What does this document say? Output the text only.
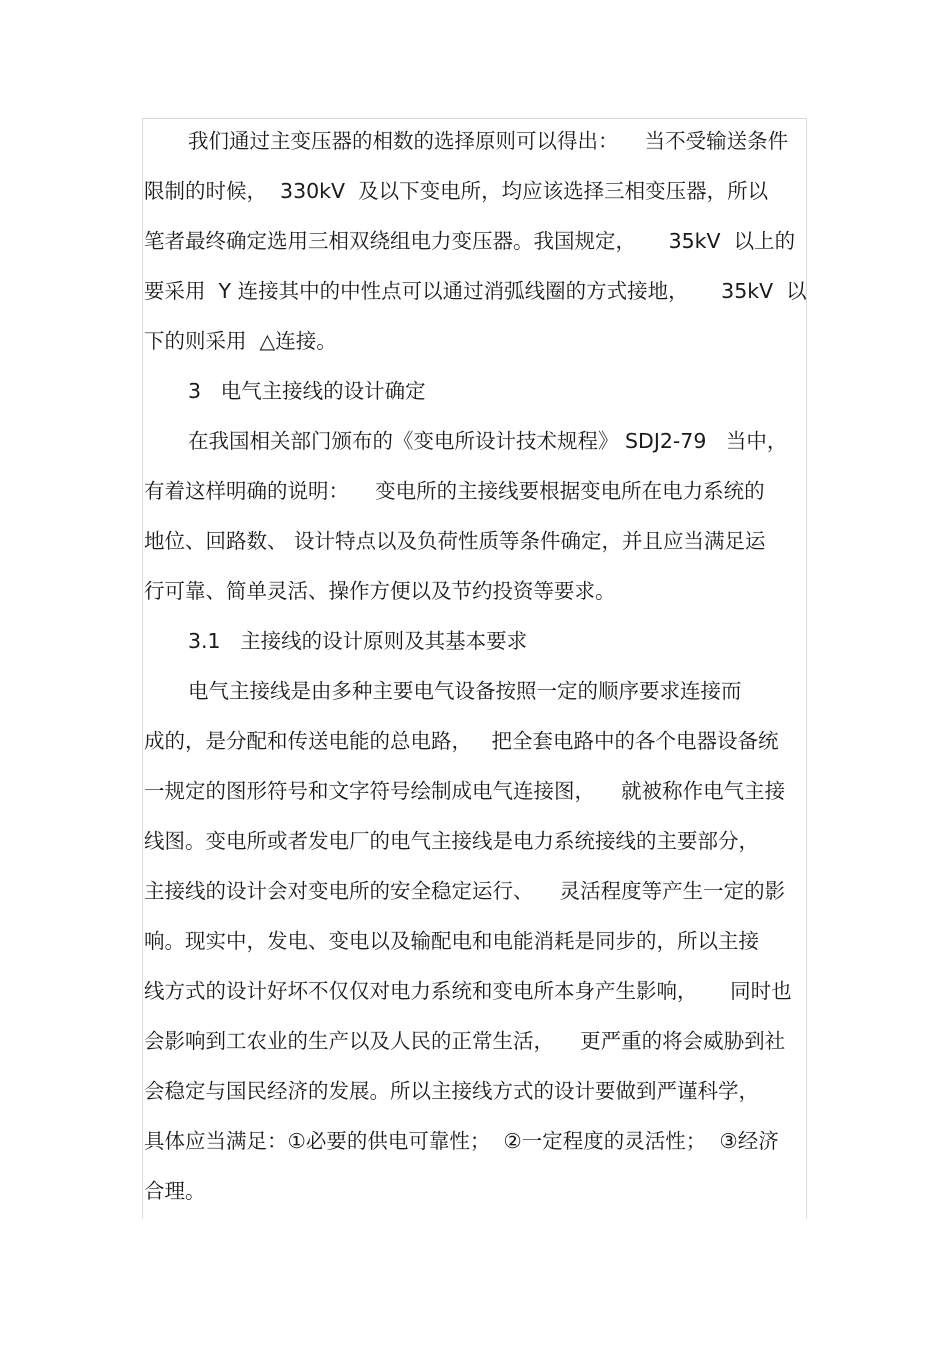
我们通过主变压器的相数的选择原则可以得出：    当不受输送条件
限制的时候，  330kV  及以下变电所，均应该选择三相变压器，所以
笔者最终确定选用三相双绕组电力变压器。我国规定，     35kV  以上的
要采用  Y 连接其中的中性点可以通过消弧线圈的方式接地，     35kV  以
下的则采用  △连接。
3   电气主接线的设计确定
在我国相关部门颁布的《变电所设计技术规程》 SDJ2-79   当中，
有着这样明确的说明：    变电所的主接线要根据变电所在电力系统的
地位、回路数、 设计特点以及负荷性质等条件确定，并且应当满足运
行可靠、简单灵活、操作方便以及节约投资等要求。
3.1   主接线的设计原则及其基本要求
电气主接线是由多种主要电气设备按照一定的顺序要求连接而
成的，是分配和传送电能的总电路，   把全套电路中的各个电器设备统
一规定的图形符号和文字符号绘制成电气连接图，    就被称作电气主接
线图。变电所或者发电厂的电气主接线是电力系统接线的主要部分，
主接线的设计会对变电所的安全稳定运行、    灵活程度等产生一定的影
响。现实中，发电、变电以及输配电和电能消耗是同步的，所以主接
线方式的设计好坏不仅仅对电力系统和变电所本身产生影响，     同时也
会影响到工农业的生产以及人民的正常生活，    更严重的将会威胁到社
会稳定与国民经济的发展。所以主接线方式的设计要做到严谨科学，
具体应当满足：①必要的供电可靠性；  ②一定程度的灵活性；  ③经济
合理。
